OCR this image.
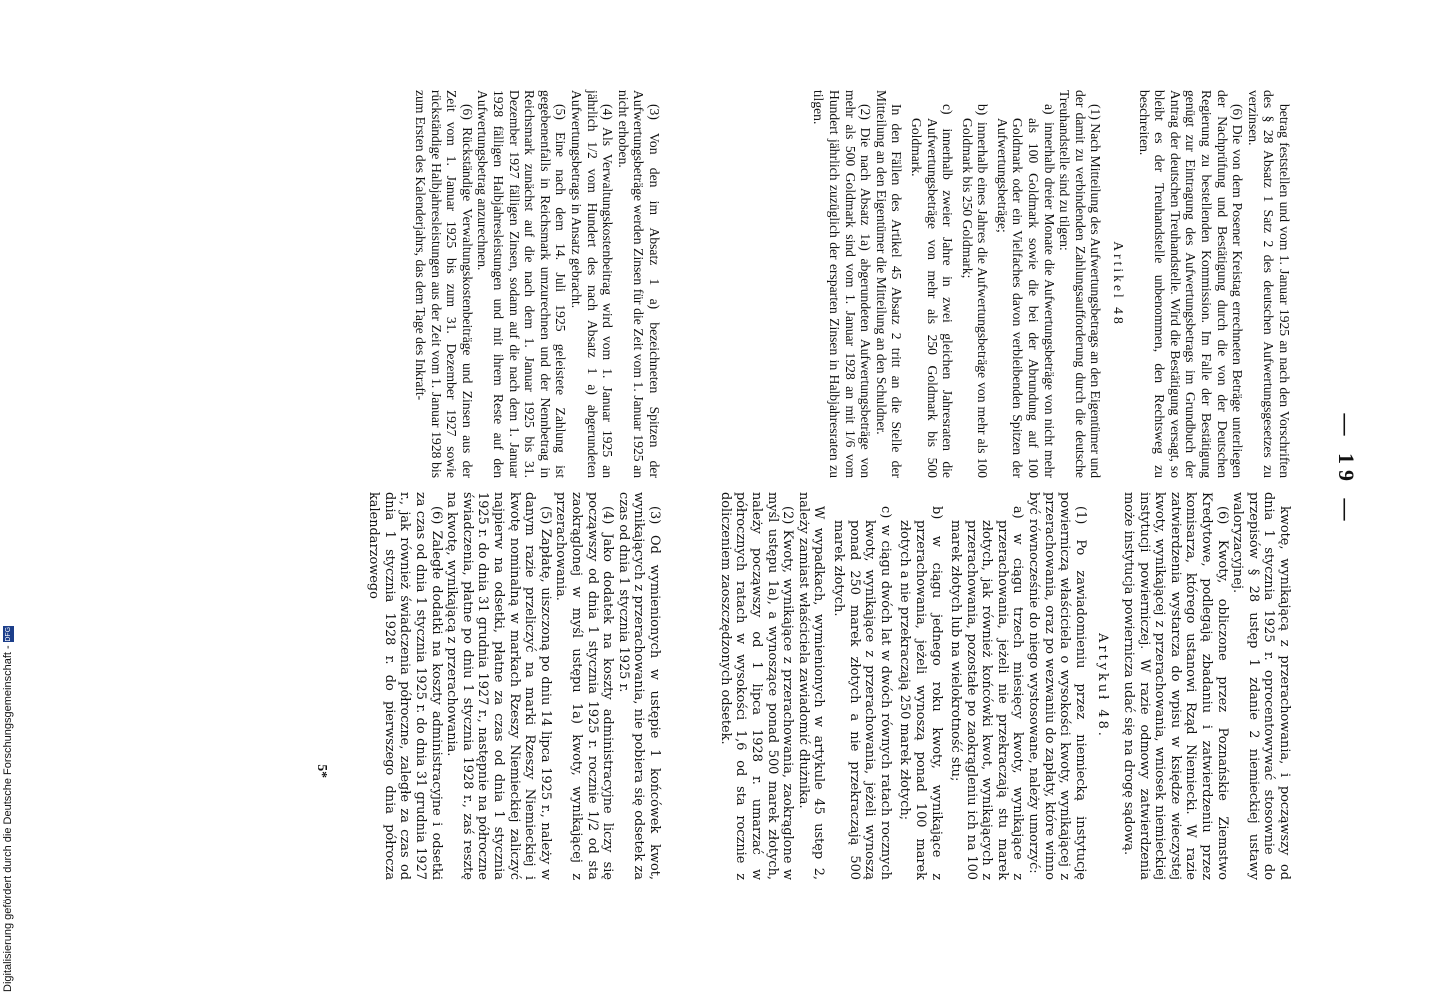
— 19 —

betrag feststellen und vom 1. Januar 1925 an nach den Vorschriften des § 28 Absatz 1 Satz 2 des deutschen Aufwertungsgesetzes zu verzinsen.

(6) Die von dem Posener Kreistag errechneten Beträge unterliegen der Nachprüfung und Bestätigung durch die von der Deutschen Regierung zu bestellenden Kommission. Im Falle der Bestätigung genügt zur Eintragung des Aufwertungsbetrags im Grundbuch der Antrag der deutschen Treuhandstelle. Wird die Bestätigung versagt, so bleibt es der Treuhandstelle unbenommen, den Rechtsweg zu beschreiten.

Artikel 48

(1) Nach Mitteilung des Aufwertungsbetrags an den Eigentümer und der damit zu verbindenden Zahlungsaufforderung durch die deutsche Treuhandstelle sind zu tilgen:

a) innerhalb dreier Monate die Aufwertungsbeträge von nicht mehr als 100 Goldmark sowie die bei der Abrundung auf 100 Goldmark oder ein Vielfaches davon verbleibenden Spitzen der Aufwertungsbeträge;

b) innerhalb eines Jahres die Aufwertungsbeträge von mehr als 100 Goldmark bis 250 Goldmark;

c) innerhalb zweier Jahre in zwei gleichen Jahresraten die Aufwertungsbeträge von mehr als 250 Goldmark bis 500 Goldmark.

In den Fällen des Artikel 45 Absatz 2 tritt an die Stelle der Mitteilung an den Eigentümer die Mitteilung an den Schuldner.

(2) Die nach Absatz 1a) abgerundeten Aufwertungsbeträge von mehr als 500 Goldmark sind vom 1. Januar 1928 an mit 1/6 vom Hundert jährlich zuzüglich der ersparten Zinsen in Halbjahresraten zu tilgen.

(3) Von den im Absatz 1 a) bezeichneten Spitzen der Aufwertungsbeträge werden Zinsen für die Zeit vom 1. Januar 1925 an nicht erhoben.

(4) Als Verwaltungskostenbeitrag wird vom 1. Januar 1925 an jährlich 1/2 vom Hundert des nach Absatz 1 a) abgerundeten Aufwertungsbetrags in Ansatz gebracht.

(5) Eine nach dem 14. Juli 1925 geleistete Zahlung ist gegebenenfalls in Reichsmark umzurechnen und der Nennbetrag in Reichsmark zunächst auf die nach dem 1. Januar 1925 bis 31. Dezember 1927 fälligen Zinsen, sodann auf die nach dem 1. Januar 1928 fälligen Halbjahresleistungen und mit ihrem Reste auf den Aufwertungsbetrag anzurechnen.

(6) Rückständige Verwaltungskostenbeiträge und Zinsen aus der Zeit vom 1. Januar 1925 bis zum 31. Dezember 1927 sowie rückständige Halbjahresleistungen aus der Zeit vom 1. Januar 1928 bis zum Ersten des Kalenderjahrs, das dem Tage des Inkraft-

kwotę, wynikającą z przerachowania, i począwszy od dnia 1 stycznia 1925 r. oprocentowywać stosownie do przepisów § 28 ustęp 1 zdanie 2 niemieckiej ustawy waloryzacyjnej.

(6) Kwoty, obliczone przez Poznańskie Ziemstwo Kredytowe, podlegają zbadaniu i zatwierdzeniu przez komisarza, którego ustanowi Rząd Niemiecki. W razie zatwierdzenia wystarcza do wpisu w księdze wieczystej kwoty, wynikającej z przerachowania, wniosek niemieckiej instytucji powierniczej. W razie odmowy zatwierdzenia może instytucja powiernicza udać się na drogę sądową.

Artykuł 48.

(1) Po zawiadomieniu przez niemiecką instytucję powierniczą właściciela o wysokości kwoty, wynikającej z przerachowania, oraz po wezwaniu do zapłaty, które winno być równocześnie do niego wystosowane, należy umorzyć:

a) w ciągu trzech miesięcy kwoty, wynikające z przerachowania, jeżeli nie przekraczają stu marek złotych, jak również końcówki kwot, wynikających z przerachowania, pozostałe po zaokrągleniu ich na 100 marek złotych lub na wielokrotność stu;

b) w ciągu jednego roku kwoty, wynikające z przerachowania, jeżeli wynoszą ponad 100 marek złotych a nie przekraczają 250 marek złotych;

c) w ciągu dwóch lat w dwóch równych ratach rocznych kwoty, wynikające z przerachowania, jeżeli wynoszą ponad 250 marek złotych a nie przekraczają 500 marek złotych.

W wypadkach, wymienionych w artykule 45 ustęp 2, należy zamiast właściciela zawiadomić dłużnika.

(2) Kwoty, wynikające z przerachowania, zaokrąglone w myśl ustępu 1a), a wynoszące ponad 500 marek złotych, należy począwszy od 1 lipca 1928 r. umarzać w półrocznych ratach w wysokości 1,6 od sta rocznie z doliczeniem zaoszczędzonych odsetek.

(3) Od wymienionych w ustępie 1 końcówek kwot, wynikających z przerachowania, nie pobiera się odsetek za czas od dnia 1 stycznia 1925 r.

(4) Jako dodatek na koszty administracyjne liczy się począwszy od dnia 1 stycznia 1925 r. rocznie 1/2 od sta zaokrąglonej w myśl ustępu 1a) kwoty, wynikającej z przerachowania.

(5) Zapłatę, uiszczoną po dniu 14 lipca 1925 r., należy w danym razie przeliczyć na marki Rzeszy Niemieckiej i kwotę nominalną w markach Rzeszy Niemieckiej zaliczyć najpierw na odsetki, płatne za czas od dnia 1 stycznia 1925 r. do dnia 31 grudnia 1927 r., następnie na półroczne świadczenia, płatne po dniu 1 stycznia 1928 r., zaś resztę na kwotę, wynikającą z przerachowania.

(6) Zaległe dodatki na koszty administracyjne i odsetki za czas od dnia 1 stycznia 1925 r. do dnia 31 grudnia 1927 r., jak również świadczenia półroczne, zaległe za czas od dnia 1 stycznia 1928 r. do pierwszego dnia półrocza kalendarzowego

5*
Digitalisierung gefördert durch die Deutsche Forschungsgemeinschaft - DFG
